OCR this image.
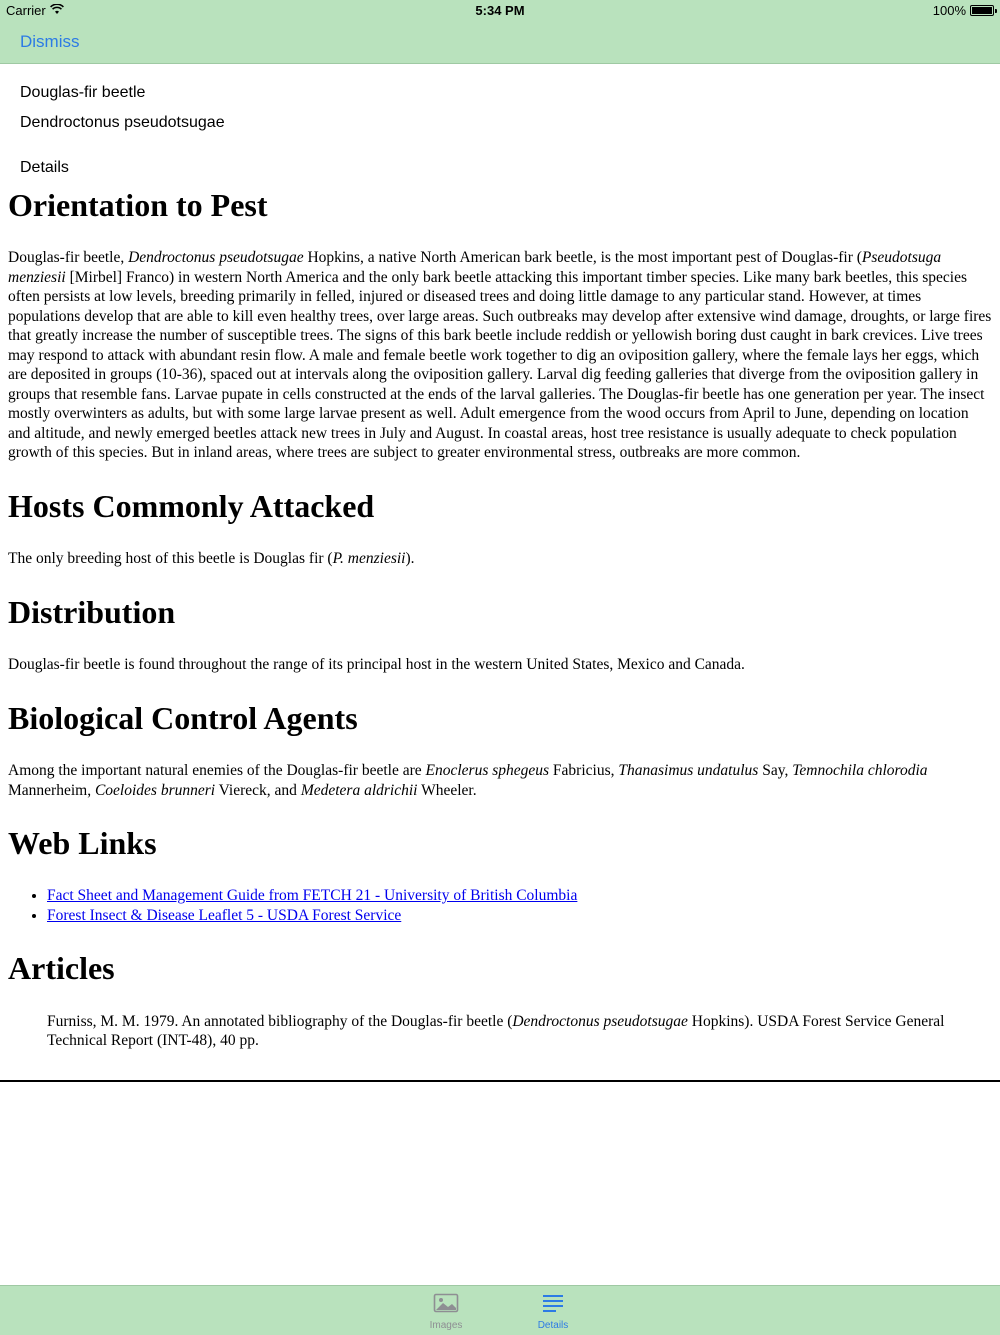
Carrier	5:34 PM	100%
Dismiss
Douglas-fir beetle
Dendroctonus pseudotsugae
Details
Orientation to Pest

Douglas-fir beetle, Dendroctonus pseudotsugae Hopkins, a native North American bark beetle, is the most important pest of Douglas-fir (Pseudotsuga menziesii [Mirbel] Franco) in western North America and the only bark beetle attacking this important timber species. Like many bark beetles, this species often persists at low levels, breeding primarily in felled, injured or diseased trees and doing little damage to any particular stand. However, at times populations develop that are able to kill even healthy trees, over large areas. Such outbreaks may develop after extensive wind damage, droughts, or large fires that greatly increase the number of susceptible trees. The signs of this bark beetle include reddish or yellowish boring dust caught in bark crevices. Live trees may respond to attack with abundant resin flow. A male and female beetle work together to dig an oviposition gallery, where the female lays her eggs, which are deposited in groups (10-36), spaced out at intervals along the oviposition gallery. Larval dig feeding galleries that diverge from the oviposition gallery in groups that resemble fans. Larvae pupate in cells constructed at the ends of the larval galleries. The Douglas-fir beetle has one generation per year. The insect mostly overwinters as adults, but with some large larvae present as well. Adult emergence from the wood occurs from April to June, depending on location and altitude, and newly emerged beetles attack new trees in July and August. In coastal areas, host tree resistance is usually adequate to check population growth of this species. But in inland areas, where trees are subject to greater environmental stress, outbreaks are more common.

Hosts Commonly Attacked

The only breeding host of this beetle is Douglas fir (P. menziesii).

Distribution

Douglas-fir beetle is found throughout the range of its principal host in the western United States, Mexico and Canada.

Biological Control Agents

Among the important natural enemies of the Douglas-fir beetle are Enoclerus sphegeus Fabricius, Thanasimus undatulus Say, Temnochila chlorodia Mannerheim, Coeloides brunneri Viereck, and Medetera aldrichii Wheeler.

Web Links
• Fact Sheet and Management Guide from FETCH 21 - University of British Columbia
• Forest Insect & Disease Leaflet 5 - USDA Forest Service
Articles
Furniss, M. M. 1979. An annotated bibliography of the Douglas-fir beetle (Dendroctonus pseudotsugae Hopkins). USDA Forest Service General Technical Report (INT-48), 40 pp.
Images	Details
